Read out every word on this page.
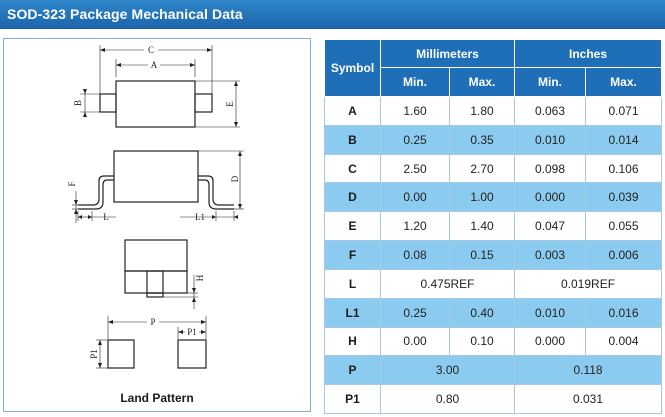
SOD-323 Package Mechanical Data
C
A
B	E
D
F
L	L1
H
P
P1
P1
Land Pattern
Symbol	Millimeters		Inches	
	Min.	Max.	Min.	Max.
A	1.60	1.80	0.063	0.071
B	0.25	0.35	0.010	0.014
C	2.50	2.70	0.098	0.106
D	0.00	1.00	0.000	0.039
E	1.20	1.40	0.047	0.055
F	0.08	0.15	0.003	0.006
L	0.475REF		0.019REF	
L1	0.25	0.40	0.010	0.016
H	0.00	0.10	0.000	0.004
P	3.00		0.118	
P1	0.80		0.031	
